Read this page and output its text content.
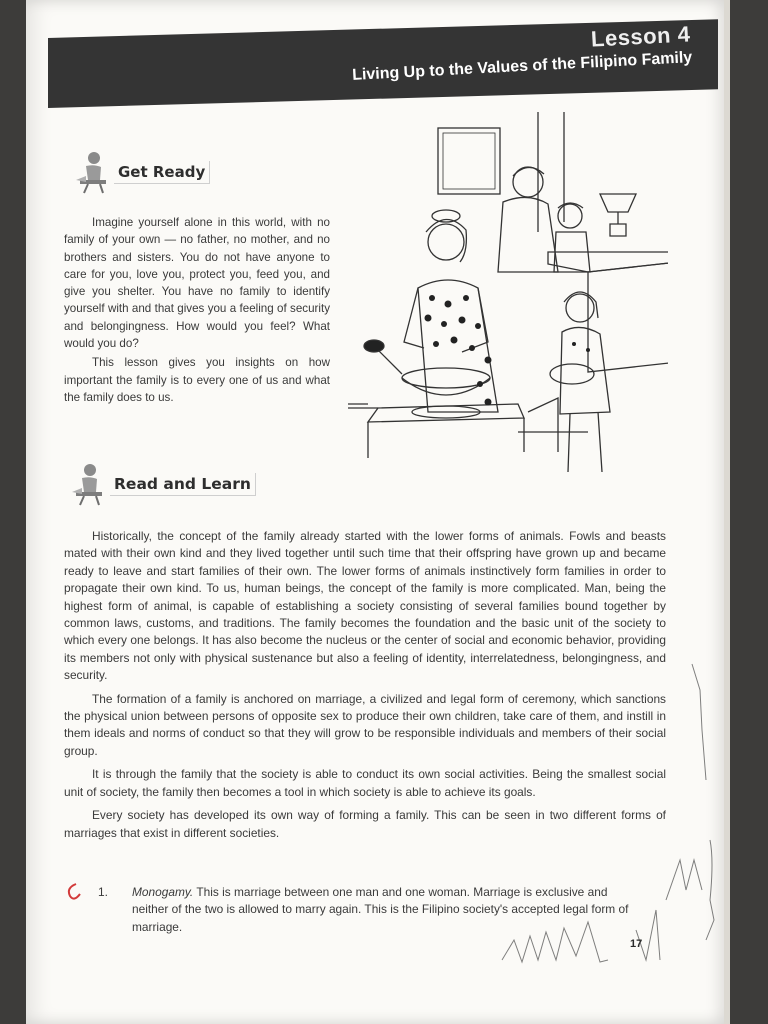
Lesson 4
Living Up to the Values of the Filipino Family
Get Ready

Imagine yourself alone in this world, with no family of your own — no father, no mother, and no brothers and sisters. You do not have anyone to care for you, love you, protect you, feed you, and give you shelter. You have no family to identify yourself with and that gives you a feeling of security and belongingness. How would you feel? What would you do?

This lesson gives you insights on how important the family is to every one of us and what the family does to us.

Read and Learn

Historically, the concept of the family already started with the lower forms of animals. Fowls and beasts mated with their own kind and they lived together until such time that their offspring have grown up and became ready to leave and start families of their own. The lower forms of animals instinctively form families in order to propagate their own kind. To us, human beings, the concept of the family is more complicated. Man, being the highest form of animal, is capable of establishing a society consisting of several families bound together by common laws, customs, and traditions. The family becomes the foundation and the basic unit of the society to which every one belongs. It has also become the nucleus or the center of social and economic behavior, providing its members not only with physical sustenance but also a feeling of identity, interrelatedness, belongingness, and security.

The formation of a family is anchored on marriage, a civilized and legal form of ceremony, which sanctions the physical union between persons of opposite sex to produce their own children, take care of them, and instill in them ideals and norms of conduct so that they will grow to be responsible individuals and members of their social group.

It is through the family that the society is able to conduct its own social activities. Being the smallest social unit of society, the family then becomes a tool in which society is able to achieve its goals.

Every society has developed its own way of forming a family. This can be seen in two different forms of marriages that exist in different societies.

1.	Monogamy. This is marriage between one man and one woman. Marriage is exclusive and neither of the two is allowed to marry again. This is the Filipino society's accepted legal form of marriage.
17
